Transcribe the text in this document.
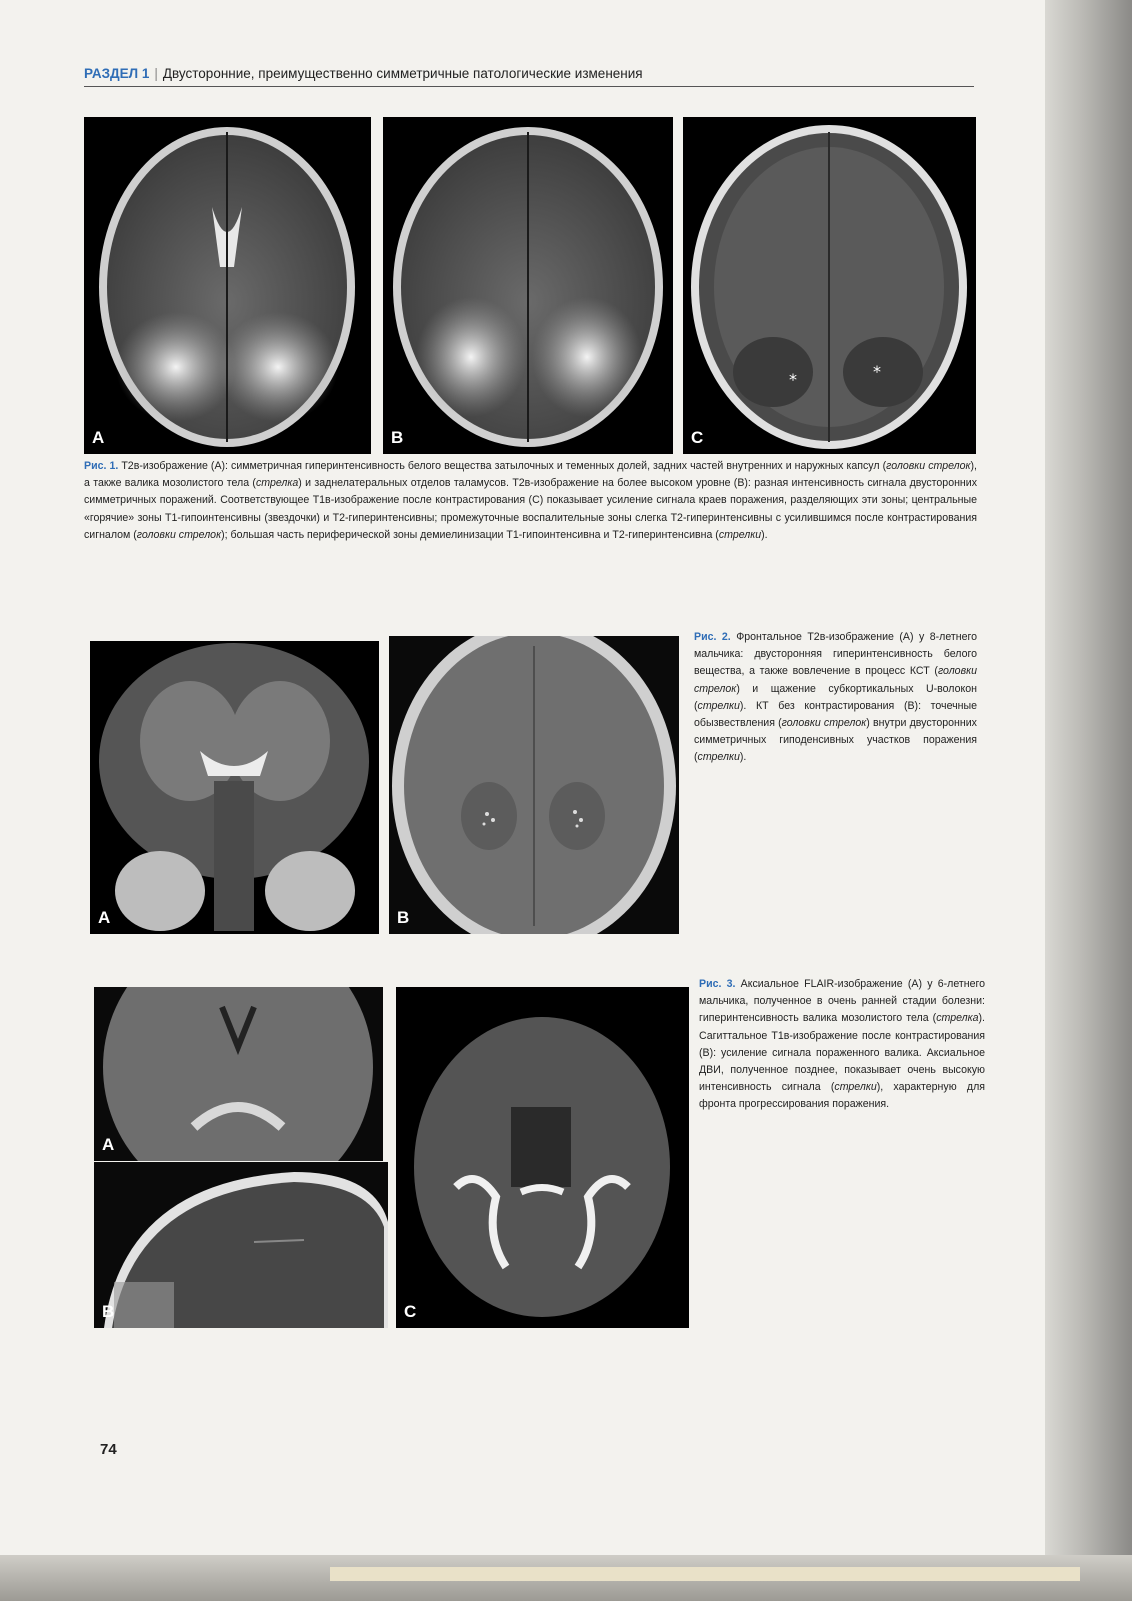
РАЗДЕЛ 1 | Двусторонние, преимущественно симметричные патологические изменения
A	B
*	*
C

Рис. 1. Т2в-изображение (А): симметричная гиперинтенсивность белого вещества затылочных и теменных долей, задних частей внутренних и наружных капсул (головки стрелок), а также валика мозолистого тела (стрелка) и заднелатеральных отделов таламусов. Т2в-изображение на более высоком уровне (В): разная интенсивность сигнала двусторонних симметричных поражений. Соответствующее Т1в-изображение после контрастирования (С) показывает усиление сигнала краев поражения, разделяющих эти зоны; центральные «горячие» зоны Т1-гипоинтенсивны (звездочки) и Т2-гиперинтенсивны; промежуточные воспалительные зоны слегка Т2-гиперинтенсивны с усилившимся после контрастирования сигналом (головки стрелок); большая часть периферической зоны демиелинизации Т1-гипоинтенсивна и Т2-гиперинтенсивна (стрелки).

A	B

Рис. 2. Фронтальное Т2в-изображение (А) у 8-летнего мальчика: двусторонняя гиперинтенсивность белого вещества, а также вовлечение в процесс КСТ (головки стрелок) и щажение субкортикальных U-волокон (стрелки). КТ без контрастирования (В): точечные обызвествления (головки стрелок) внутри двусторонних симметричных гиподенсивных участков поражения (стрелки).

A
B	C

Рис. 3. Аксиальное FLAIR-изображение (А) у 6-летнего мальчика, полученное в очень ранней стадии болезни: гиперинтенсивность валика мозолистого тела (стрелка). Сагиттальное Т1в-изображение после контрастирования (В): усиление сигнала пораженного валика. Аксиальное ДВИ, полученное позднее, показывает очень высокую интенсивность сигнала (стрелки), характерную для фронта прогрессирования поражения.

74
